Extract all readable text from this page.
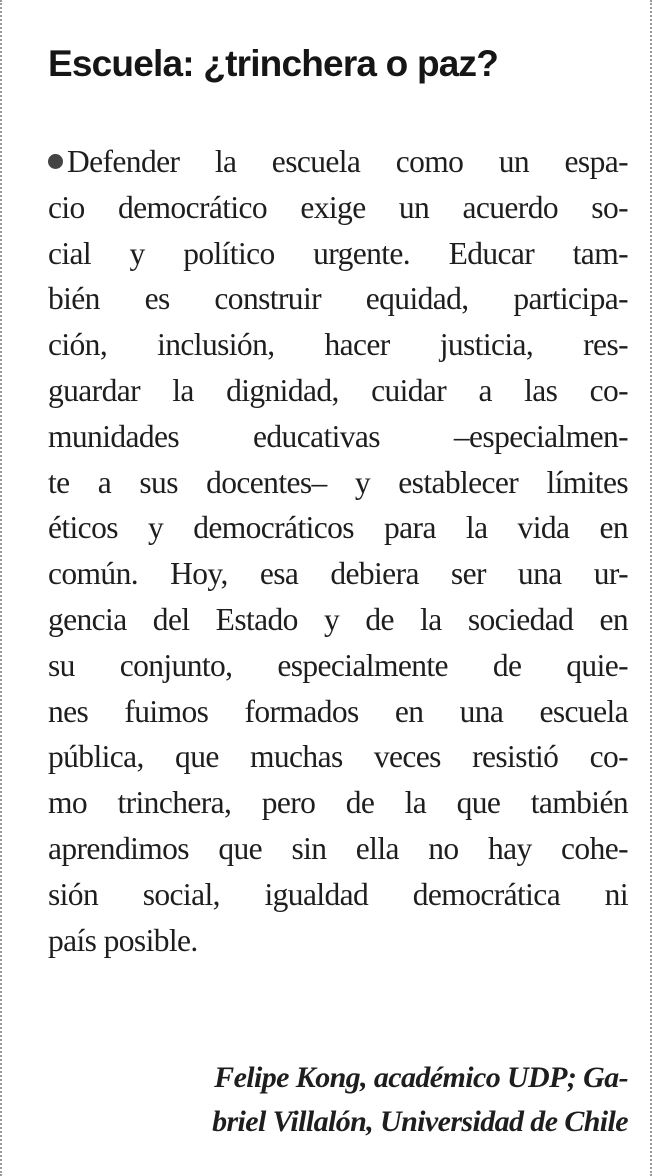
Escuela: ¿trinchera o paz?
Defender la escuela como un espa-
cio democrático exige un acuerdo so-
cial y político urgente. Educar tam-
bién es construir equidad, participa-
ción, inclusión, hacer justicia, res-
guardar la dignidad, cuidar a las co-
munidades educativas –especialmen-
te a sus docentes– y establecer límites
éticos y democráticos para la vida en
común. Hoy, esa debiera ser una ur-
gencia del Estado y de la sociedad en
su conjunto, especialmente de quie-
nes fuimos formados en una escuela
pública, que muchas veces resistió co-
mo trinchera, pero de la que también
aprendimos que sin ella no hay cohe-
sión social, igualdad democrática ni
país posible.
Felipe Kong, académico UDP; Ga-
briel Villalón, Universidad de Chile
